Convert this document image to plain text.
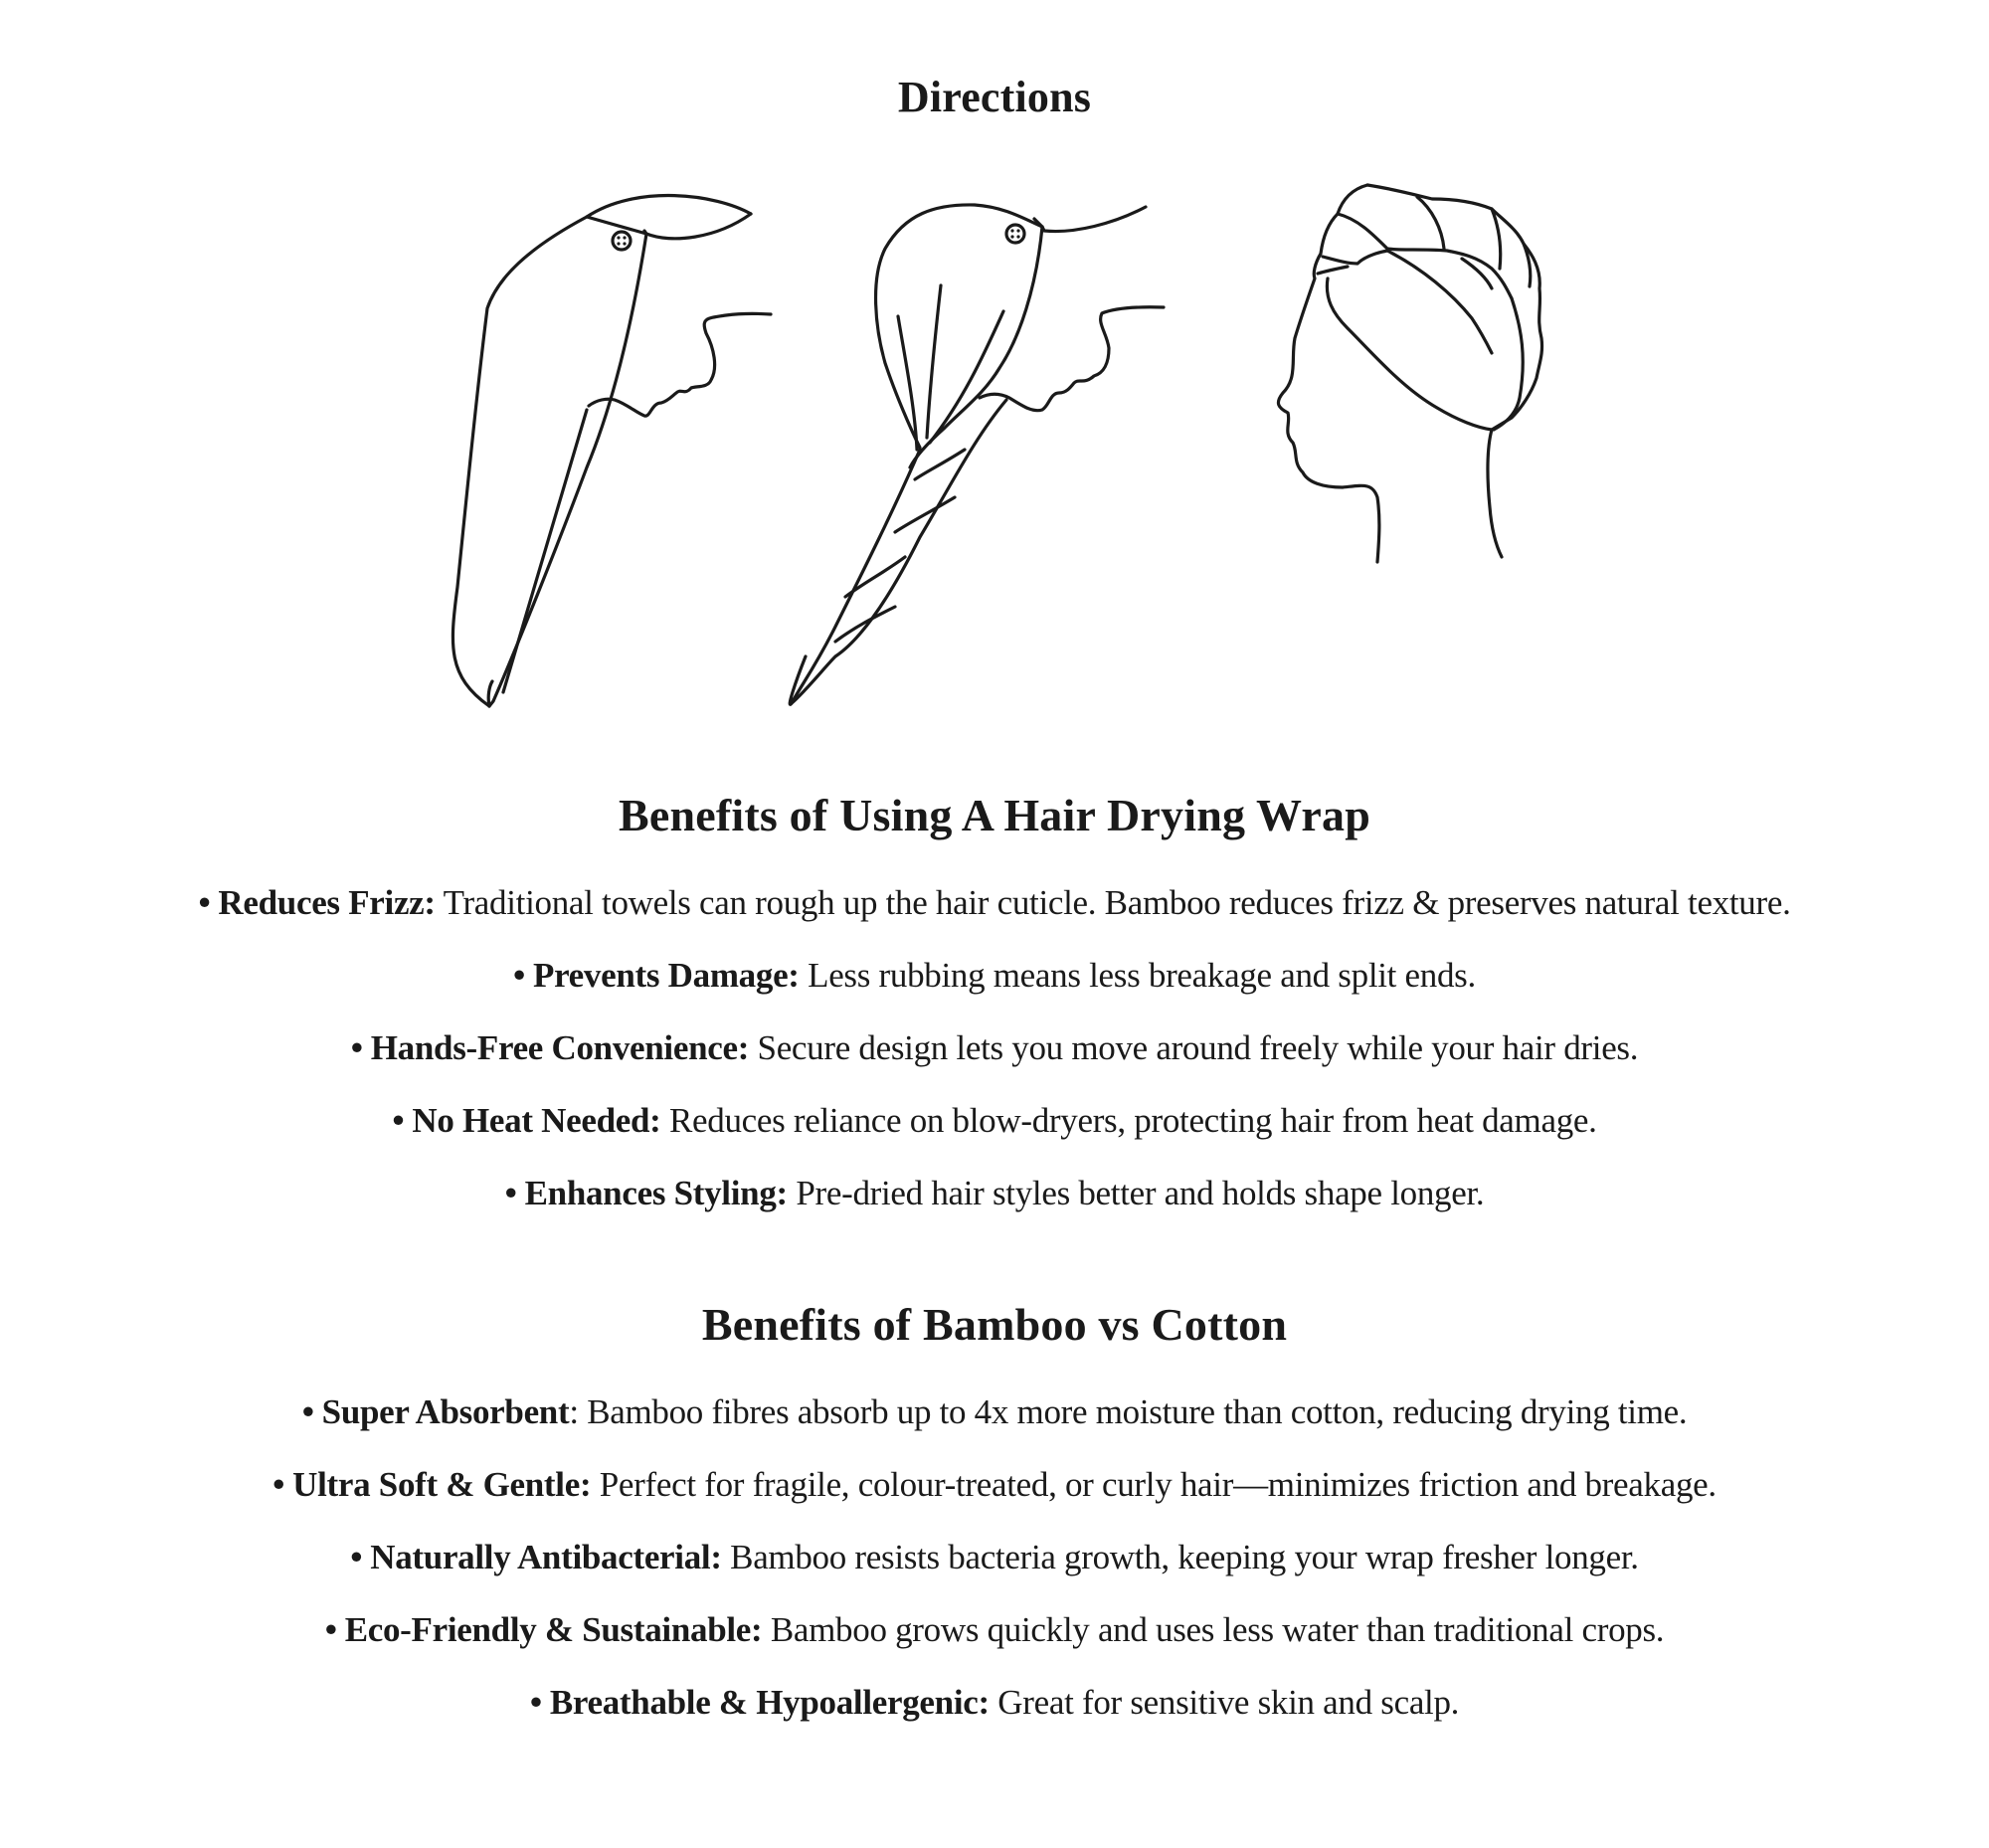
Directions
Benefits of Using A Hair Drying Wrap
• Reduces Frizz: Traditional towels can rough up the hair cuticle. Bamboo reduces frizz & preserves natural texture.
• Prevents Damage: Less rubbing means less breakage and split ends.
• Hands-Free Convenience: Secure design lets you move around freely while your hair dries.
• No Heat Needed: Reduces reliance on blow-dryers, protecting hair from heat damage.
• Enhances Styling: Pre-dried hair styles better and holds shape longer.
Benefits of Bamboo vs Cotton
• Super Absorbent: Bamboo fibres absorb up to 4x more moisture than cotton, reducing drying time.
• Ultra Soft & Gentle: Perfect for fragile, colour-treated, or curly hair—minimizes friction and breakage.
• Naturally Antibacterial: Bamboo resists bacteria growth, keeping your wrap fresher longer.
• Eco-Friendly & Sustainable: Bamboo grows quickly and uses less water than traditional crops.
• Breathable & Hypoallergenic: Great for sensitive skin and scalp.
